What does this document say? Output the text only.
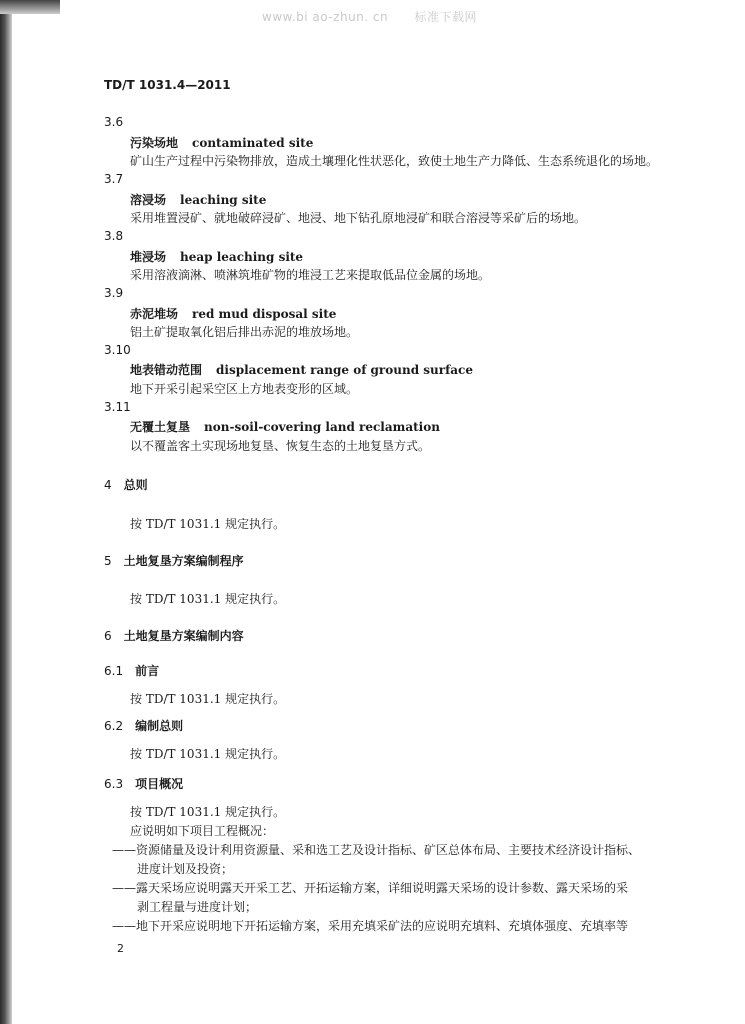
www.bi ao-zhun. cn 标准下载网
TD/T 1031.4—2011
3.6
污染场地 contaminated site
矿山生产过程中污染物排放，造成土壤理化性状恶化，致使土地生产力降低、生态系统退化的场地。
3.7
溶浸场 leaching site
采用堆置浸矿、就地破碎浸矿、地浸、地下钻孔原地浸矿和联合溶浸等采矿后的场地。
3.8
堆浸场 heap leaching site
采用溶液滴淋、喷淋筑堆矿物的堆浸工艺来提取低品位金属的场地。
3.9
赤泥堆场 red mud disposal site
铝土矿提取氧化铝后排出赤泥的堆放场地。
3.10
地表错动范围 displacement range of ground surface
地下开采引起采空区上方地表变形的区域。
3.11
无覆土复垦 non-soil-covering land reclamation
以不覆盖客土实现场地复垦、恢复生态的土地复垦方式。
4 总则
按 TD/T 1031.1 规定执行。
5 土地复垦方案编制程序
按 TD/T 1031.1 规定执行。
6 土地复垦方案编制内容
6.1 前言
按 TD/T 1031.1 规定执行。
6.2 编制总则
按 TD/T 1031.1 规定执行。
6.3 项目概况
按 TD/T 1031.1 规定执行。
应说明如下项目工程概况：
——资源储量及设计利用资源量、采和选工艺及设计指标、矿区总体布局、主要技术经济设计指标、
进度计划及投资；
——露天采场应说明露天开采工艺、开拓运输方案，详细说明露天采场的设计参数、露天采场的采
剥工程量与进度计划；
——地下开采应说明地下开拓运输方案，采用充填采矿法的应说明充填料、充填体强度、充填率等
2
